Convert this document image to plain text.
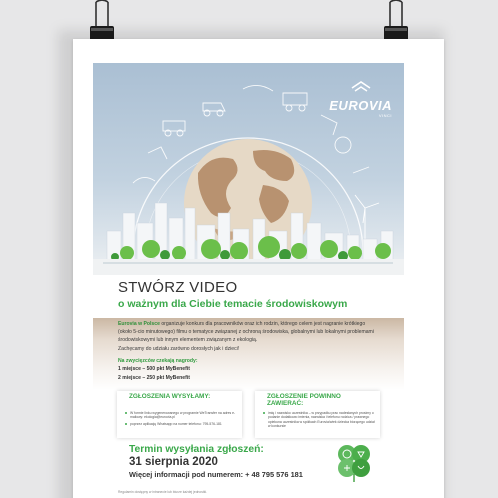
EUROVIA
VINCI
STWÓRZ VIDEO
o ważnym dla Ciebie temacie środowiskowym

Eurovia w Polsce organizuje konkurs dla pracowników oraz ich rodzin, którego celem jest nagranie krótkiego (około 5-cio minutowego) filmu o tematyce związanej z ochroną środowiska, globalnymi lub lokalnymi problemami środowiskowymi lub innym elementem związanym z ekologią.

Zachęcamy do udziału zarówno dorosłych jak i dzieci!

Na zwycięzców czekają nagrody:
1 miejsce – 500 pkt MyBenefit
2 miejsce – 250 pkt MyBenefit
ZGŁOSZENIA WYSYŁAMY:
W formie linku wygenerowanego w programie WeTransfer na adres e-mailowy: ekologia@eurovia.pl
poprzez aplikację Whatsapp na numer telefonu: 795-576-181
ZGŁOSZENIE POWINNO ZAWIERAĆ:
imię i nazwisko uczestnika – w przypadku prac nadesłanych prosimy o podanie dodatkowo imienia, nazwiska i telefonu rodzica / prawnego opiekuna uczestnika w spółkach Eurovia/wiek dziecka biorącego udział w konkursie
Termin wysyłania zgłoszeń:
31 sierpnia 2020
Więcej informacji pod numerem: + 48 795 576 181

Regulamin dostępny w intranecie lub biurze każdej jednostki.
